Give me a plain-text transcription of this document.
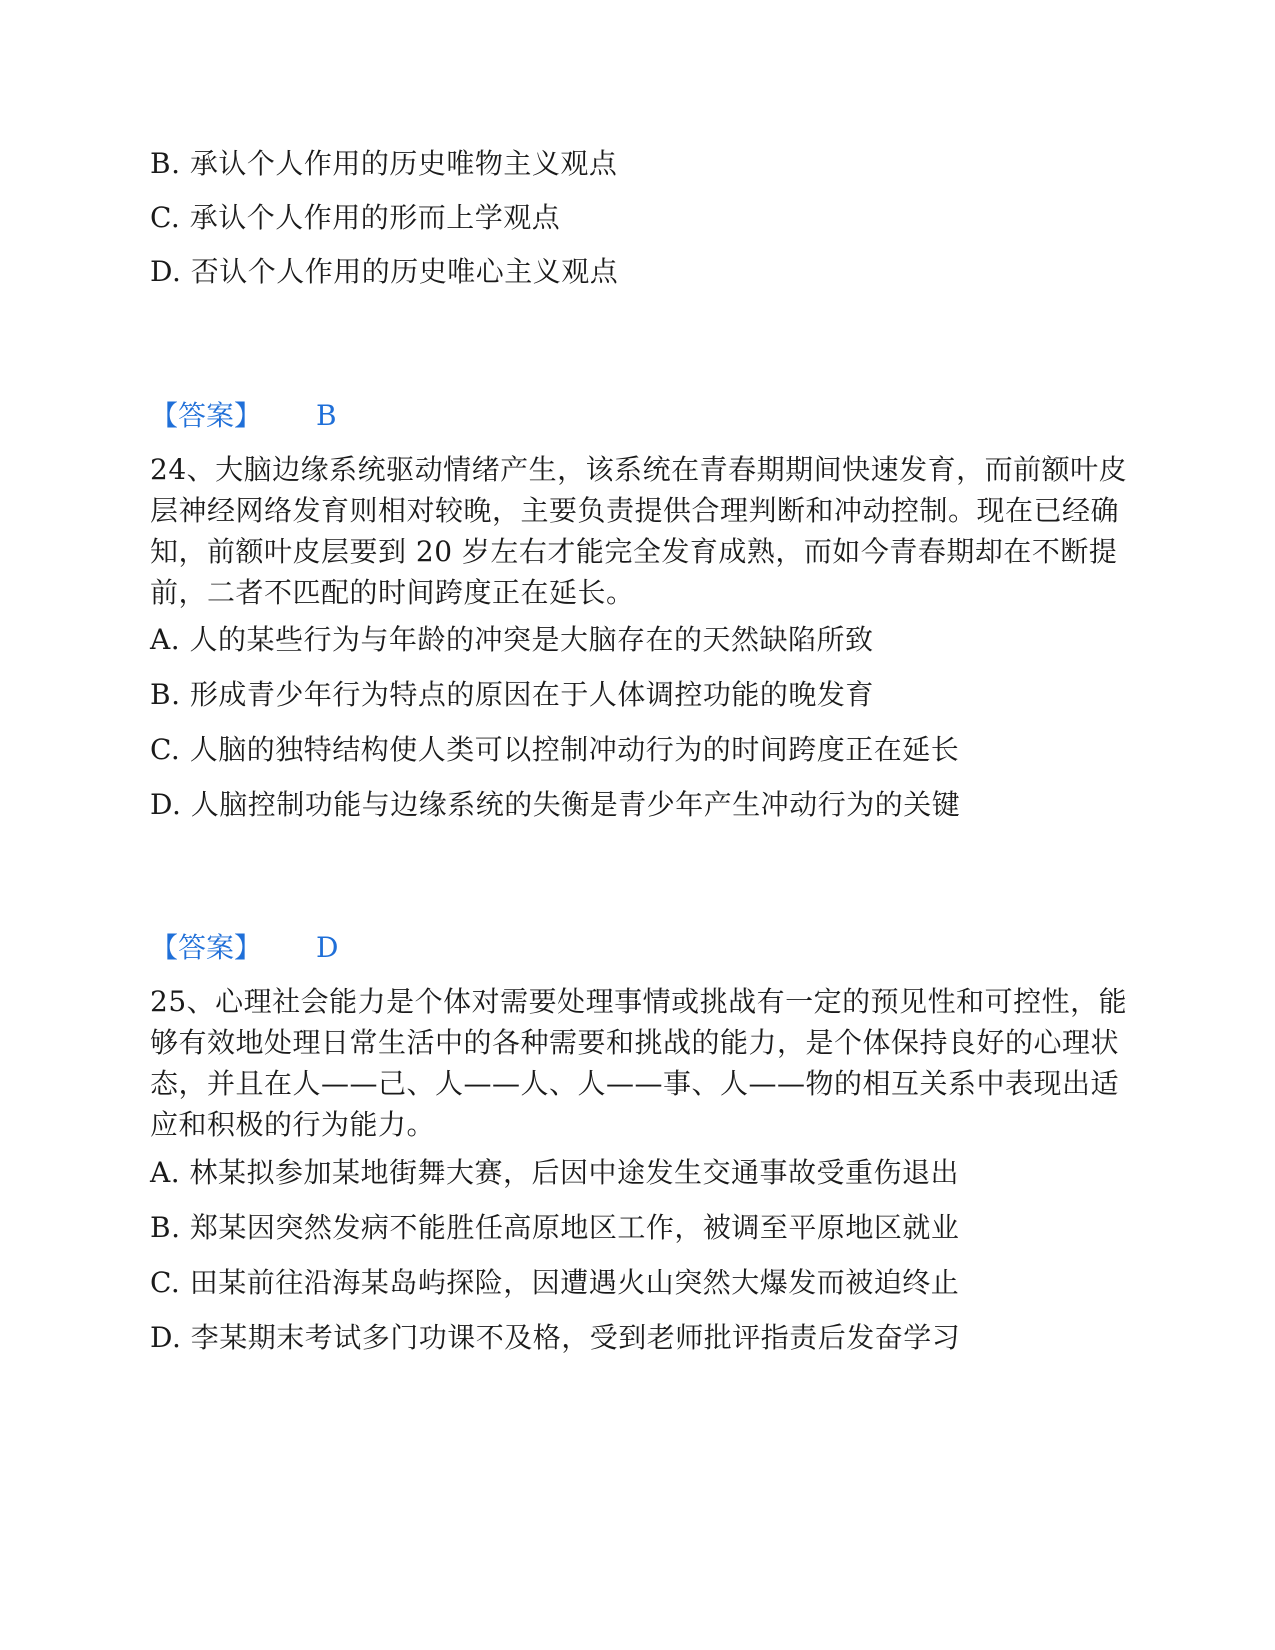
B. 承认个人作用的历史唯物主义观点
C. 承认个人作用的形而上学观点
D. 否认个人作用的历史唯心主义观点
【答案】 B
24、大脑边缘系统驱动情绪产生，该系统在青春期期间快速发育，而前额叶皮层神经网络发育则相对较晚，主要负责提供合理判断和冲动控制。现在已经确知，前额叶皮层要到 20 岁左右才能完全发育成熟，而如今青春期却在不断提前，二者不匹配的时间跨度正在延长。
A. 人的某些行为与年龄的冲突是大脑存在的天然缺陷所致
B. 形成青少年行为特点的原因在于人体调控功能的晚发育
C. 人脑的独特结构使人类可以控制冲动行为的时间跨度正在延长
D. 人脑控制功能与边缘系统的失衡是青少年产生冲动行为的关键
【答案】 D
25、心理社会能力是个体对需要处理事情或挑战有一定的预见性和可控性，能够有效地处理日常生活中的各种需要和挑战的能力，是个体保持良好的心理状态，并且在人——己、人——人、人——事、人——物的相互关系中表现出适应和积极的行为能力。
A. 林某拟参加某地街舞大赛，后因中途发生交通事故受重伤退出
B. 郑某因突然发病不能胜任高原地区工作，被调至平原地区就业
C. 田某前往沿海某岛屿探险，因遭遇火山突然大爆发而被迫终止
D. 李某期末考试多门功课不及格，受到老师批评指责后发奋学习
